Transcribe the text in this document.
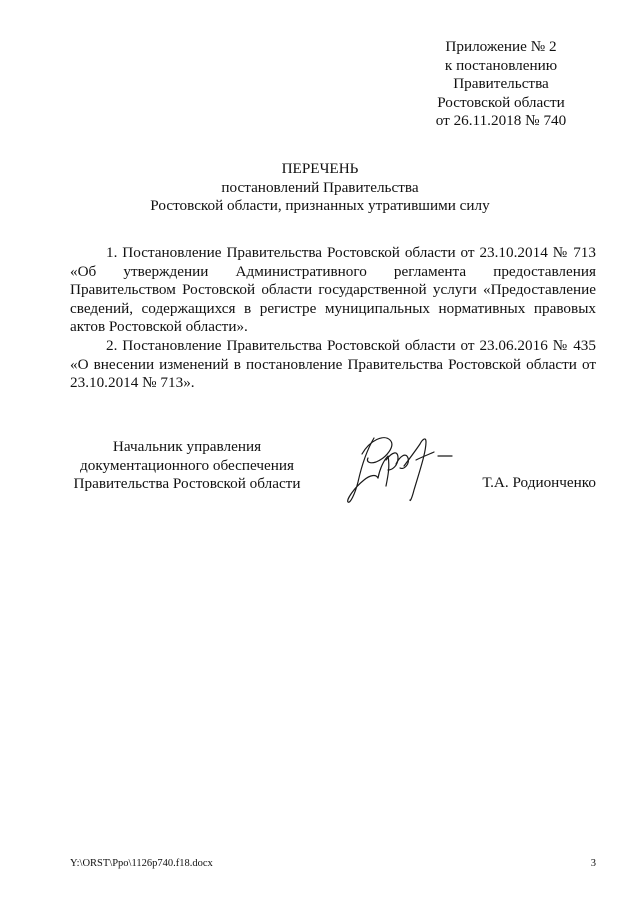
Приложение № 2
к постановлению
Правительства
Ростовской области
от 26.11.2018 № 740
ПЕРЕЧЕНЬ
постановлений Правительства
Ростовской области, признанных утратившими силу
1. Постановление Правительства Ростовской области от 23.10.2014 № 713 «Об утверждении Административного регламента предоставления Правительством Ростовской области государственной услуги «Предоставление сведений, содержащихся в регистре муниципальных нормативных правовых актов Ростовской области».
2. Постановление Правительства Ростовской области от 23.06.2016 № 435 «О внесении изменений в постановление Правительства Ростовской области от 23.10.2014 № 713».
Начальник управления
документационного обеспечения
Правительства Ростовской области	Т.А. Родионченко
Y:\ORST\Ppo\1126p740.f18.docx	3
